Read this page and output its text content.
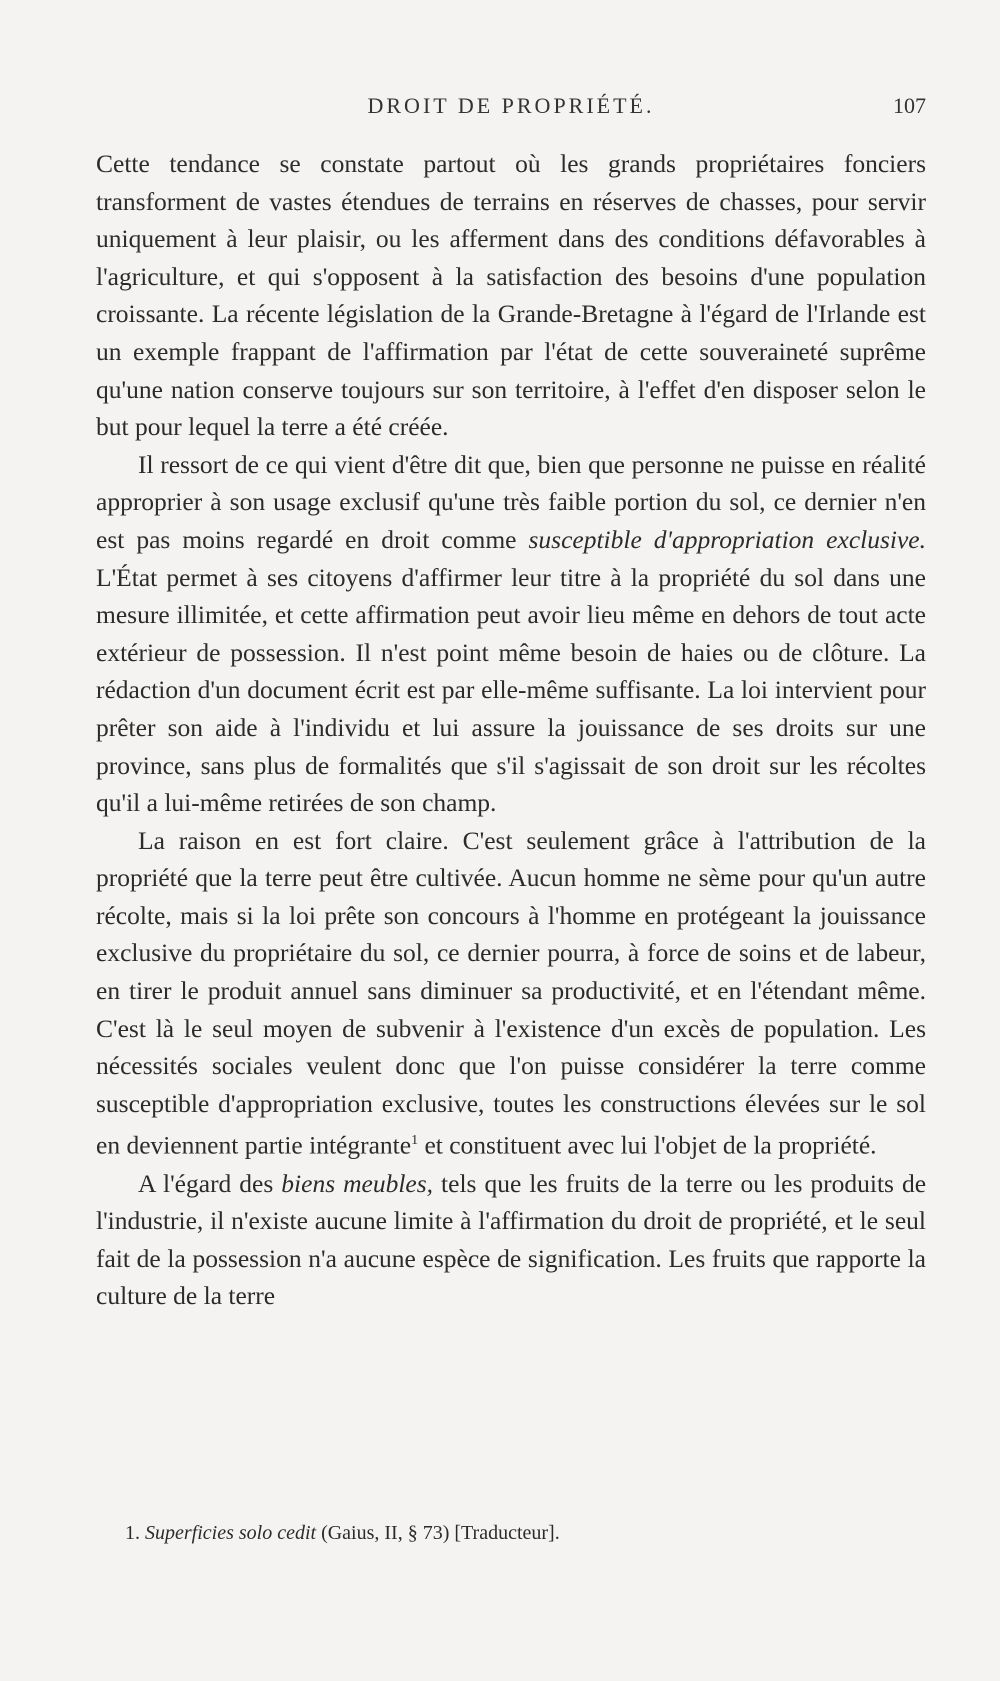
DROIT DE PROPRIÉTÉ.	107

Cette tendance se constate partout où les grands propriétaires fonciers transforment de vastes étendues de terrains en réserves de chasses, pour servir uniquement à leur plaisir, ou les afferment dans des conditions défavorables à l'agriculture, et qui s'opposent à la satisfaction des besoins d'une population croissante. La récente législation de la Grande-Bretagne à l'égard de l'Irlande est un exemple frappant de l'affirmation par l'état de cette souveraineté suprême qu'une nation conserve toujours sur son territoire, à l'effet d'en disposer selon le but pour lequel la terre a été créée.

Il ressort de ce qui vient d'être dit que, bien que personne ne puisse en réalité approprier à son usage exclusif qu'une très faible portion du sol, ce dernier n'en est pas moins regardé en droit comme susceptible d'appropriation exclusive. L'État permet à ses citoyens d'affirmer leur titre à la propriété du sol dans une mesure illimitée, et cette affirmation peut avoir lieu même en dehors de tout acte extérieur de possession. Il n'est point même besoin de haies ou de clôture. La rédaction d'un document écrit est par elle-même suffisante. La loi intervient pour prêter son aide à l'individu et lui assure la jouissance de ses droits sur une province, sans plus de formalités que s'il s'agissait de son droit sur les récoltes qu'il a lui-même retirées de son champ.

La raison en est fort claire. C'est seulement grâce à l'attribution de la propriété que la terre peut être cultivée. Aucun homme ne sème pour qu'un autre récolte, mais si la loi prête son concours à l'homme en protégeant la jouissance exclusive du propriétaire du sol, ce dernier pourra, à force de soins et de labeur, en tirer le produit annuel sans diminuer sa productivité, et en l'étendant même. C'est là le seul moyen de subvenir à l'existence d'un excès de population. Les nécessités sociales veulent donc que l'on puisse considérer la terre comme susceptible d'appropriation exclusive, toutes les constructions élevées sur le sol en deviennent partie intégrante$^1$ et constituent avec lui l'objet de la propriété.

A l'égard des biens meubles, tels que les fruits de la terre ou les produits de l'industrie, il n'existe aucune limite à l'affirmation du droit de propriété, et le seul fait de la possession n'a aucune espèce de signification. Les fruits que rapporte la culture de la terre

1. Superficies solo cedit (Gaius, II, § 73) [Traducteur].
